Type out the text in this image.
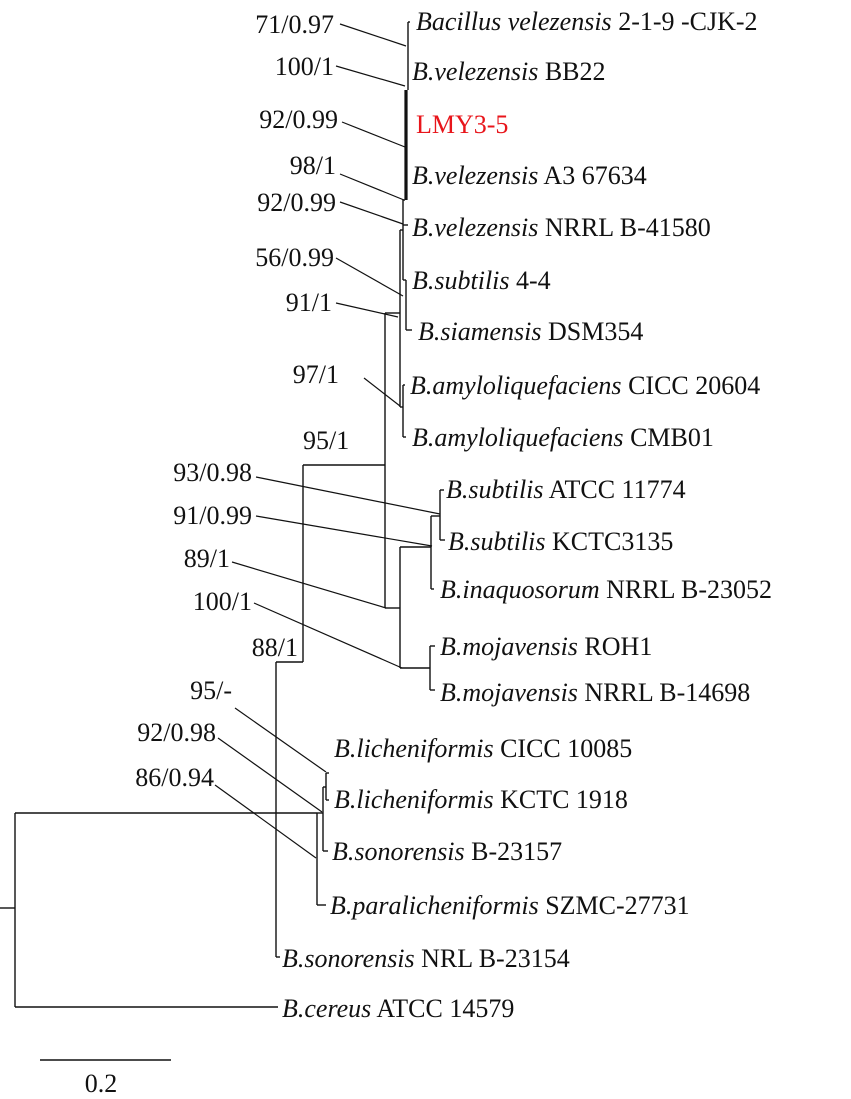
71/0.97
100/1
92/0.99
98/1
92/0.99
56/0.99
91/1
97/1
95/1
93/0.98
91/0.99
89/1
100/1
88/1
95/-
92/0.98
86/0.94
Bacillus velezensis 2-1-9 -CJK-2
B.velezensis BB22
LMY3-5
B.velezensis A3 67634
B.velezensis NRRL B-41580
B.subtilis 4-4
B.siamensis DSM354
B.amyloliquefaciens CICC 20604
B.amyloliquefaciens CMB01
B.subtilis ATCC 11774
B.subtilis KCTC3135
B.inaquosorum NRRL B-23052
B.mojavensis ROH1
B.mojavensis NRRL B-14698
B.licheniformis CICC 10085
B.licheniformis KCTC 1918
B.sonorensis B-23157
B.paralicheniformis SZMC-27731
B.sonorensis NRL B-23154
B.cereus ATCC 14579
0.2
